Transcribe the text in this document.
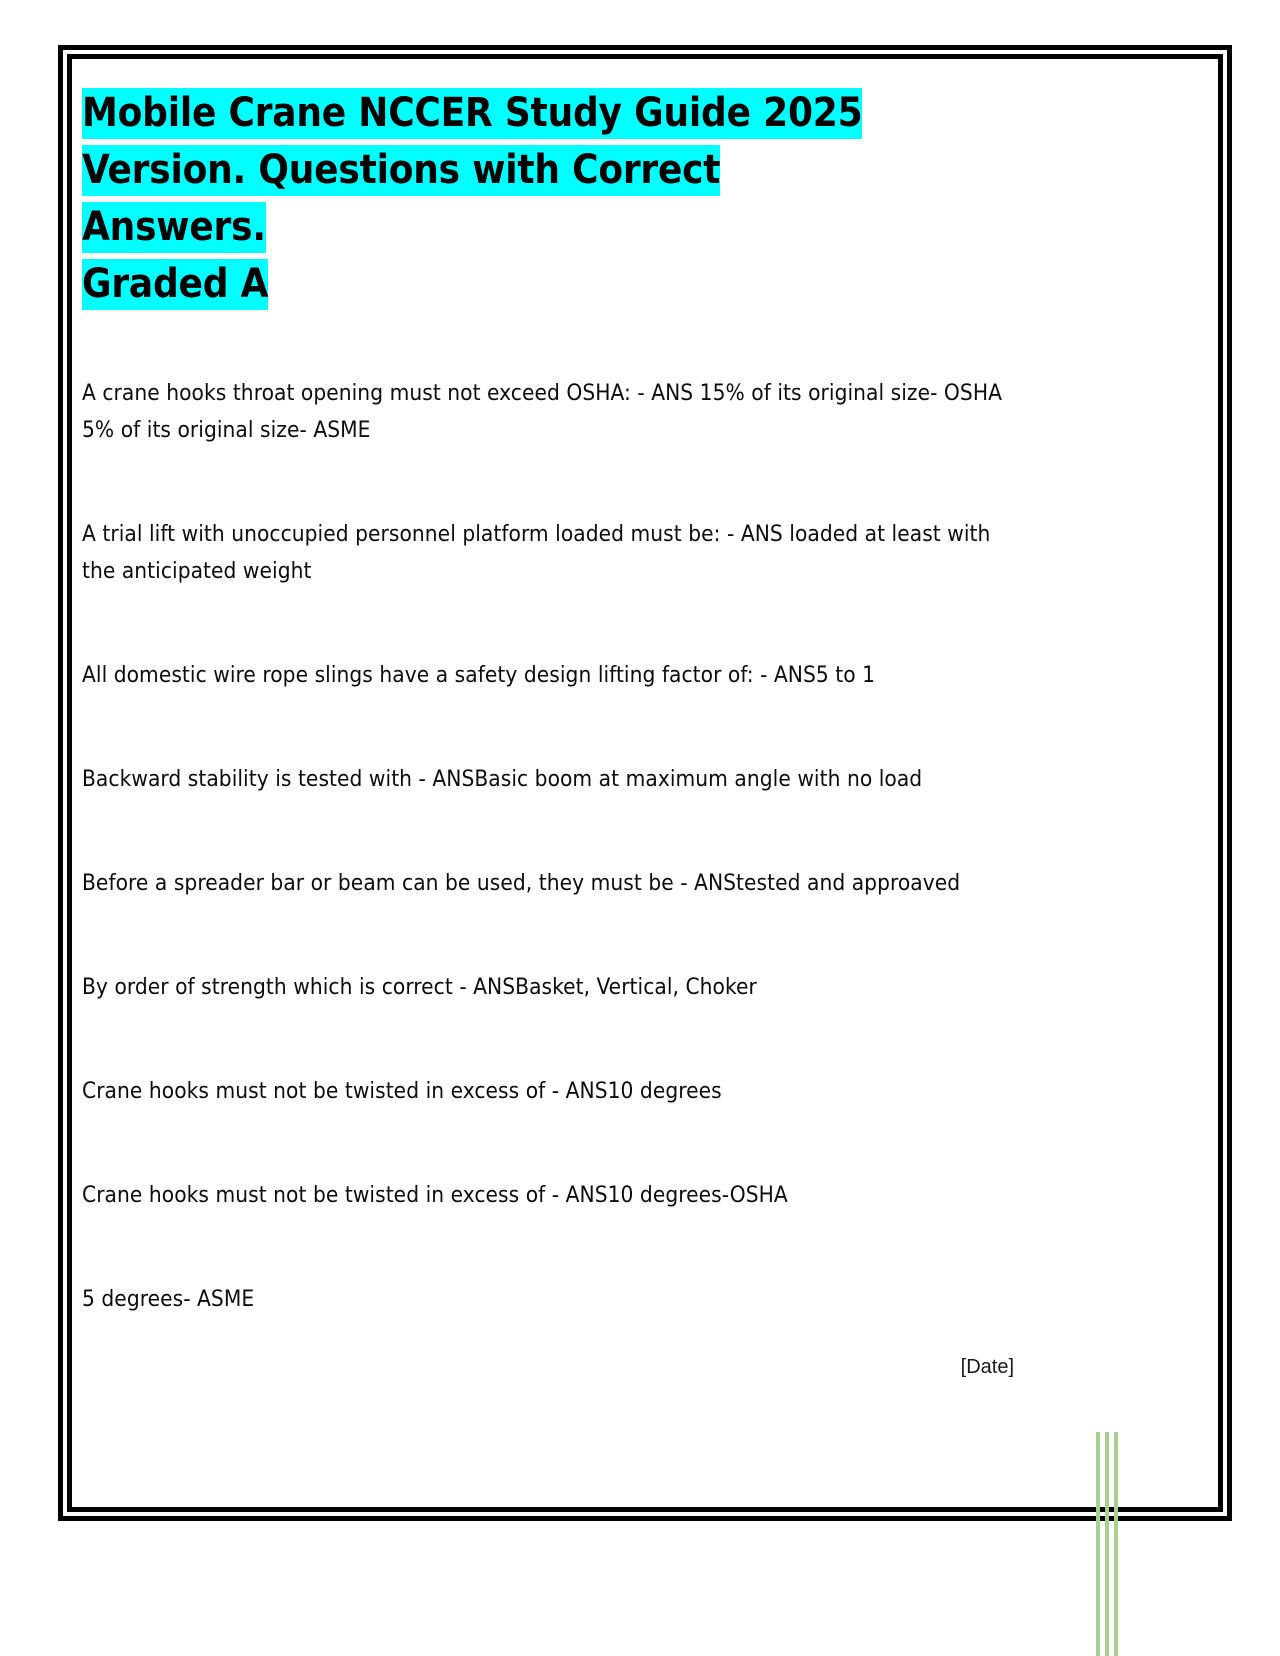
Mobile Crane NCCER Study Guide 2025
Version. Questions with Correct Answers.
Graded A

A crane hooks throat opening must not exceed OSHA: - ANS 15% of its original size- OSHA 5% of its original size- ASME

A trial lift with unoccupied personnel platform loaded must be: - ANS loaded at least with the anticipated weight

All domestic wire rope slings have a safety design lifting factor of: - ANS5 to 1

Backward stability is tested with - ANSBasic boom at maximum angle with no load

Before a spreader bar or beam can be used, they must be - ANStested and approaved

By order of strength which is correct - ANSBasket, Vertical, Choker

Crane hooks must not be twisted in excess of - ANS10 degrees

Crane hooks must not be twisted in excess of - ANS10 degrees-OSHA

5 degrees- ASME

[Date]
